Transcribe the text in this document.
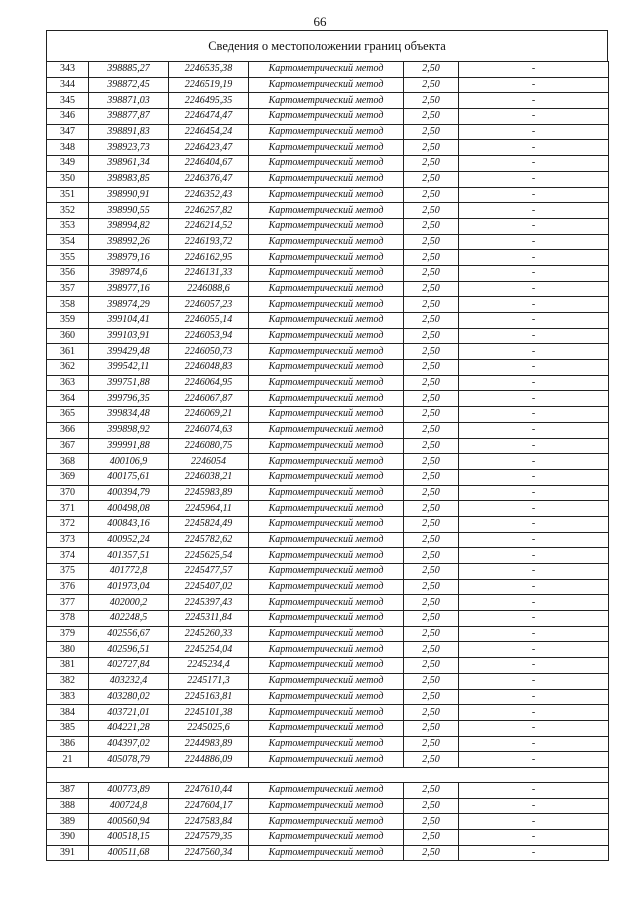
66
Сведения о местоположении границ объекта
343	398885,27	2246535,38	Картометрический метод	2,50	-
344	398872,45	2246519,19	Картометрический метод	2,50	-
345	398871,03	2246495,35	Картометрический метод	2,50	-
346	398877,87	2246474,47	Картометрический метод	2,50	-
347	398891,83	2246454,24	Картометрический метод	2,50	-
348	398923,73	2246423,47	Картометрический метод	2,50	-
349	398961,34	2246404,67	Картометрический метод	2,50	-
350	398983,85	2246376,47	Картометрический метод	2,50	-
351	398990,91	2246352,43	Картометрический метод	2,50	-
352	398990,55	2246257,82	Картометрический метод	2,50	-
353	398994,82	2246214,52	Картометрический метод	2,50	-
354	398992,26	2246193,72	Картометрический метод	2,50	-
355	398979,16	2246162,95	Картометрический метод	2,50	-
356	398974,6	2246131,33	Картометрический метод	2,50	-
357	398977,16	2246088,6	Картометрический метод	2,50	-
358	398974,29	2246057,23	Картометрический метод	2,50	-
359	399104,41	2246055,14	Картометрический метод	2,50	-
360	399103,91	2246053,94	Картометрический метод	2,50	-
361	399429,48	2246050,73	Картометрический метод	2,50	-
362	399542,11	2246048,83	Картометрический метод	2,50	-
363	399751,88	2246064,95	Картометрический метод	2,50	-
364	399796,35	2246067,87	Картометрический метод	2,50	-
365	399834,48	2246069,21	Картометрический метод	2,50	-
366	399898,92	2246074,63	Картометрический метод	2,50	-
367	399991,88	2246080,75	Картометрический метод	2,50	-
368	400106,9	2246054	Картометрический метод	2,50	-
369	400175,61	2246038,21	Картометрический метод	2,50	-
370	400394,79	2245983,89	Картометрический метод	2,50	-
371	400498,08	2245964,11	Картометрический метод	2,50	-
372	400843,16	2245824,49	Картометрический метод	2,50	-
373	400952,24	2245782,62	Картометрический метод	2,50	-
374	401357,51	2245625,54	Картометрический метод	2,50	-
375	401772,8	2245477,57	Картометрический метод	2,50	-
376	401973,04	2245407,02	Картометрический метод	2,50	-
377	402000,2	2245397,43	Картометрический метод	2,50	-
378	402248,5	2245311,84	Картометрический метод	2,50	-
379	402556,67	2245260,33	Картометрический метод	2,50	-
380	402596,51	2245254,04	Картометрический метод	2,50	-
381	402727,84	2245234,4	Картометрический метод	2,50	-
382	403232,4	2245171,3	Картометрический метод	2,50	-
383	403280,02	2245163,81	Картометрический метод	2,50	-
384	403721,01	2245101,38	Картометрический метод	2,50	-
385	404221,28	2245025,6	Картометрический метод	2,50	-
386	404397,02	2244983,89	Картометрический метод	2,50	-
21	405078,79	2244886,09	Картометрический метод	2,50	-

387	400773,89	2247610,44	Картометрический метод	2,50	-
388	400724,8	2247604,17	Картометрический метод	2,50	-
389	400560,94	2247583,84	Картометрический метод	2,50	-
390	400518,15	2247579,35	Картометрический метод	2,50	-
391	400511,68	2247560,34	Картометрический метод	2,50	-
